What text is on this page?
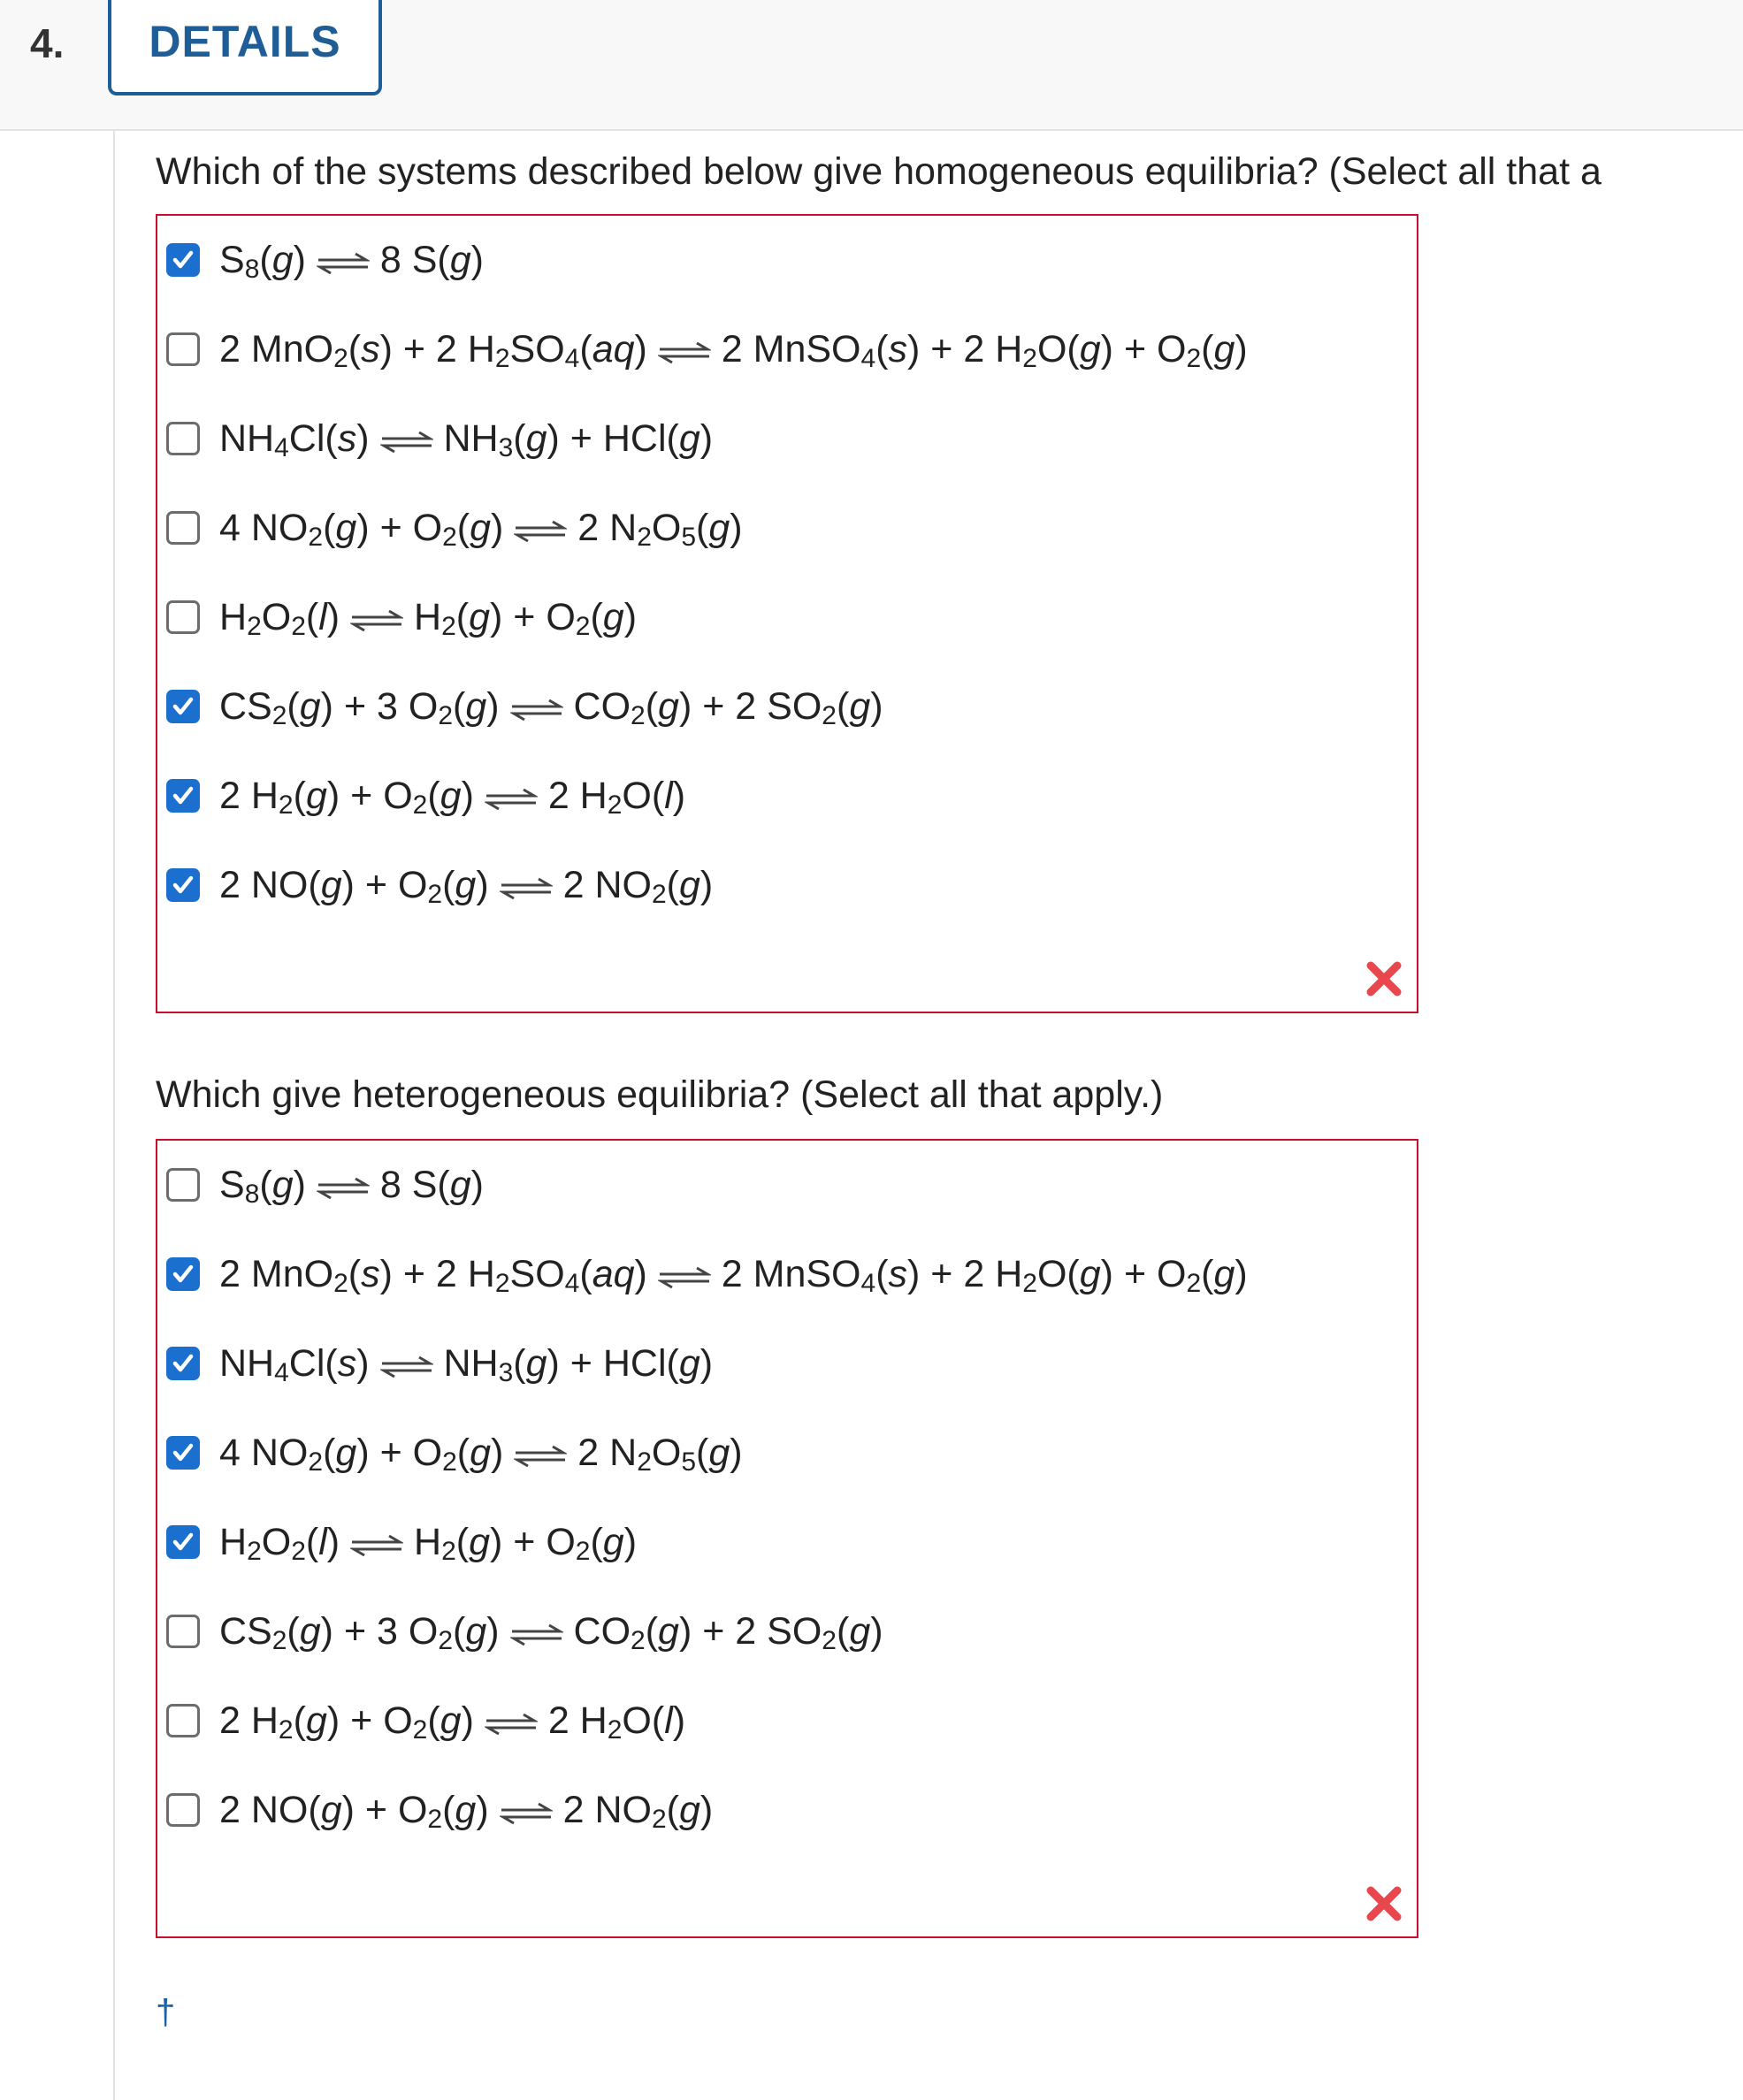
4.	DETAILS
Which of the systems described below give homogeneous equilibria? (Select all that a
$S_8(g)$ ⇌ 8 S(g)
2 MnO$_2$(s) + 2 $H_2SO_4(aq)$ ⇌ 2 MnSO$_4$(s) + 2 $H_2O(g) + O_2(g)$
$NH_4Cl(s)$ ⇌ $NH_3(g) + HCl(g)$
4 $NO_2(g) + O_2(g)$ ⇌ 2 $N_2O_5(g)$
$H_2O_2(l)$ ⇌ $H_2(g) + O_2(g)$
$CS_2(g) + 3$ $O_2(g)$ ⇌ $CO_2(g) + 2$ $SO_2(g)$
2 $H_2(g) + O_2(g)$ ⇌ 2 $H_2O(l)$
2 $NO(g) + O_2(g)$ ⇌ 2 $NO_2(g)$
Which give heterogeneous equilibria? (Select all that apply.)
$S_8(g)$ ⇌ 8 S(g)
2 MnO$_2$(s) + 2 $H_2SO_4(aq)$ ⇌ 2 MnSO$_4$(s) + 2 $H_2O(g) + O_2(g)$
$NH_4Cl(s)$ ⇌ $NH_3(g) + HCl(g)$
4 $NO_2(g) + O_2(g)$ ⇌ 2 $N_2O_5(g)$
$H_2O_2(l)$ ⇌ $H_2(g) + O_2(g)$
$CS_2(g) + 3$ $O_2(g)$ ⇌ $CO_2(g) + 2$ $SO_2(g)$
2 $H_2(g) + O_2(g)$ ⇌ 2 $H_2O(l)$
2 $NO(g) + O_2(g)$ ⇌ 2 $NO_2(g)$
†
